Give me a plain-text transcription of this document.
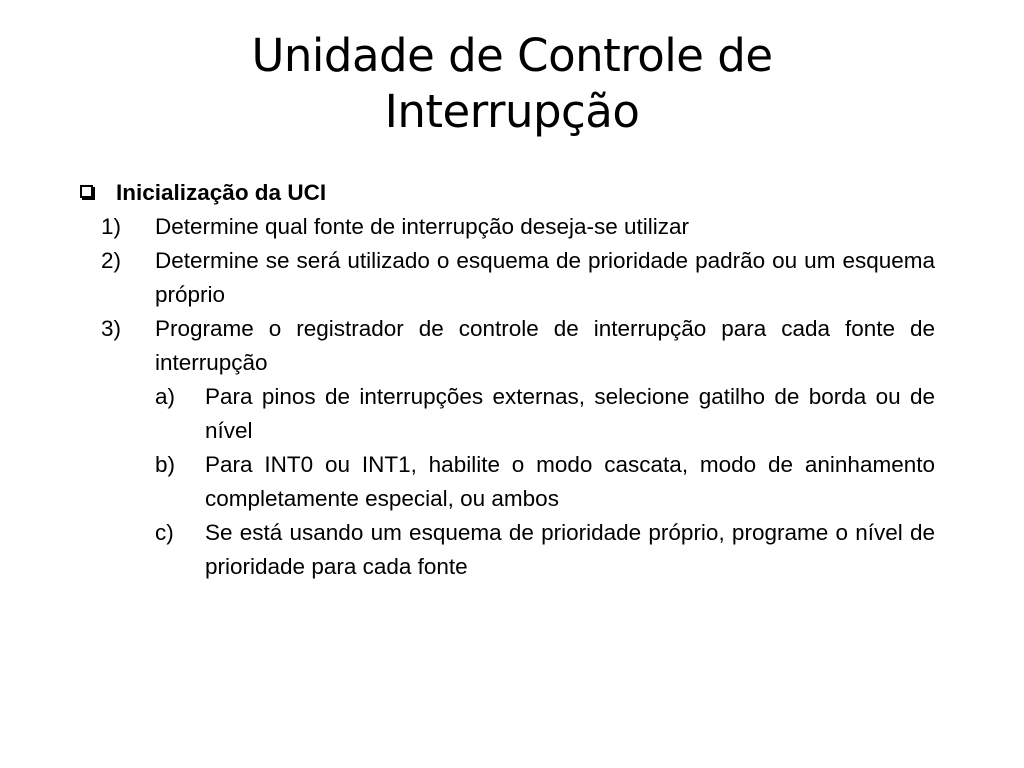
Unidade de Controle de
Interrupção
Inicialização da UCI
1) Determine qual fonte de interrupção deseja-se utilizar
2) Determine se será utilizado o esquema de prioridade padrão ou um esquema próprio
3) Programe o registrador de controle de interrupção para cada fonte de interrupção
a) Para pinos de interrupções externas, selecione gatilho de borda ou de nível
b) Para INT0 ou INT1, habilite o modo cascata, modo de aninhamento completamente especial, ou ambos
c) Se está usando um esquema de prioridade próprio, programe o nível de prioridade para cada fonte
